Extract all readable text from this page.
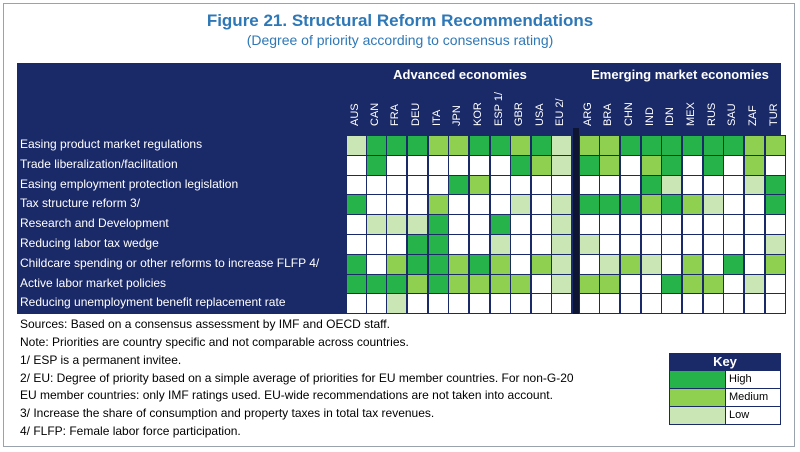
Figure 21. Structural Reform Recommendations
(Degree of priority according to consensus rating)
Advanced economies	Emerging market economies
AUS CAN FRA DEU ITA JPN KOR ESP 1/ GBR USA EU 2/ ARG BRA CHN IND IDN MEX RUS SAU ZAF TUR
Easing product market regulations
Trade liberalization/facilitation
Easing employment protection legislation
Tax structure reform 3/
Research and Development
Reducing labor tax wedge
Childcare spending or other reforms to increase FLFP 4/
Active labor market policies
Reducing unemployment benefit replacement rate
Sources: Based on a consensus assessment by IMF and OECD staff.
Note: Priorities are country specific and not comparable across countries.
1/ ESP is a permanent invitee.
2/ EU: Degree of priority based on a simple average of priorities for EU member countries. For non-G-20
EU member countries: only IMF ratings used. EU-wide recommendations are not taken into account.
3/ Increase the share of consumption and property taxes in total tax revenues.
4/ FLFP: Female labor force participation.
Key
High
Medium
Low
